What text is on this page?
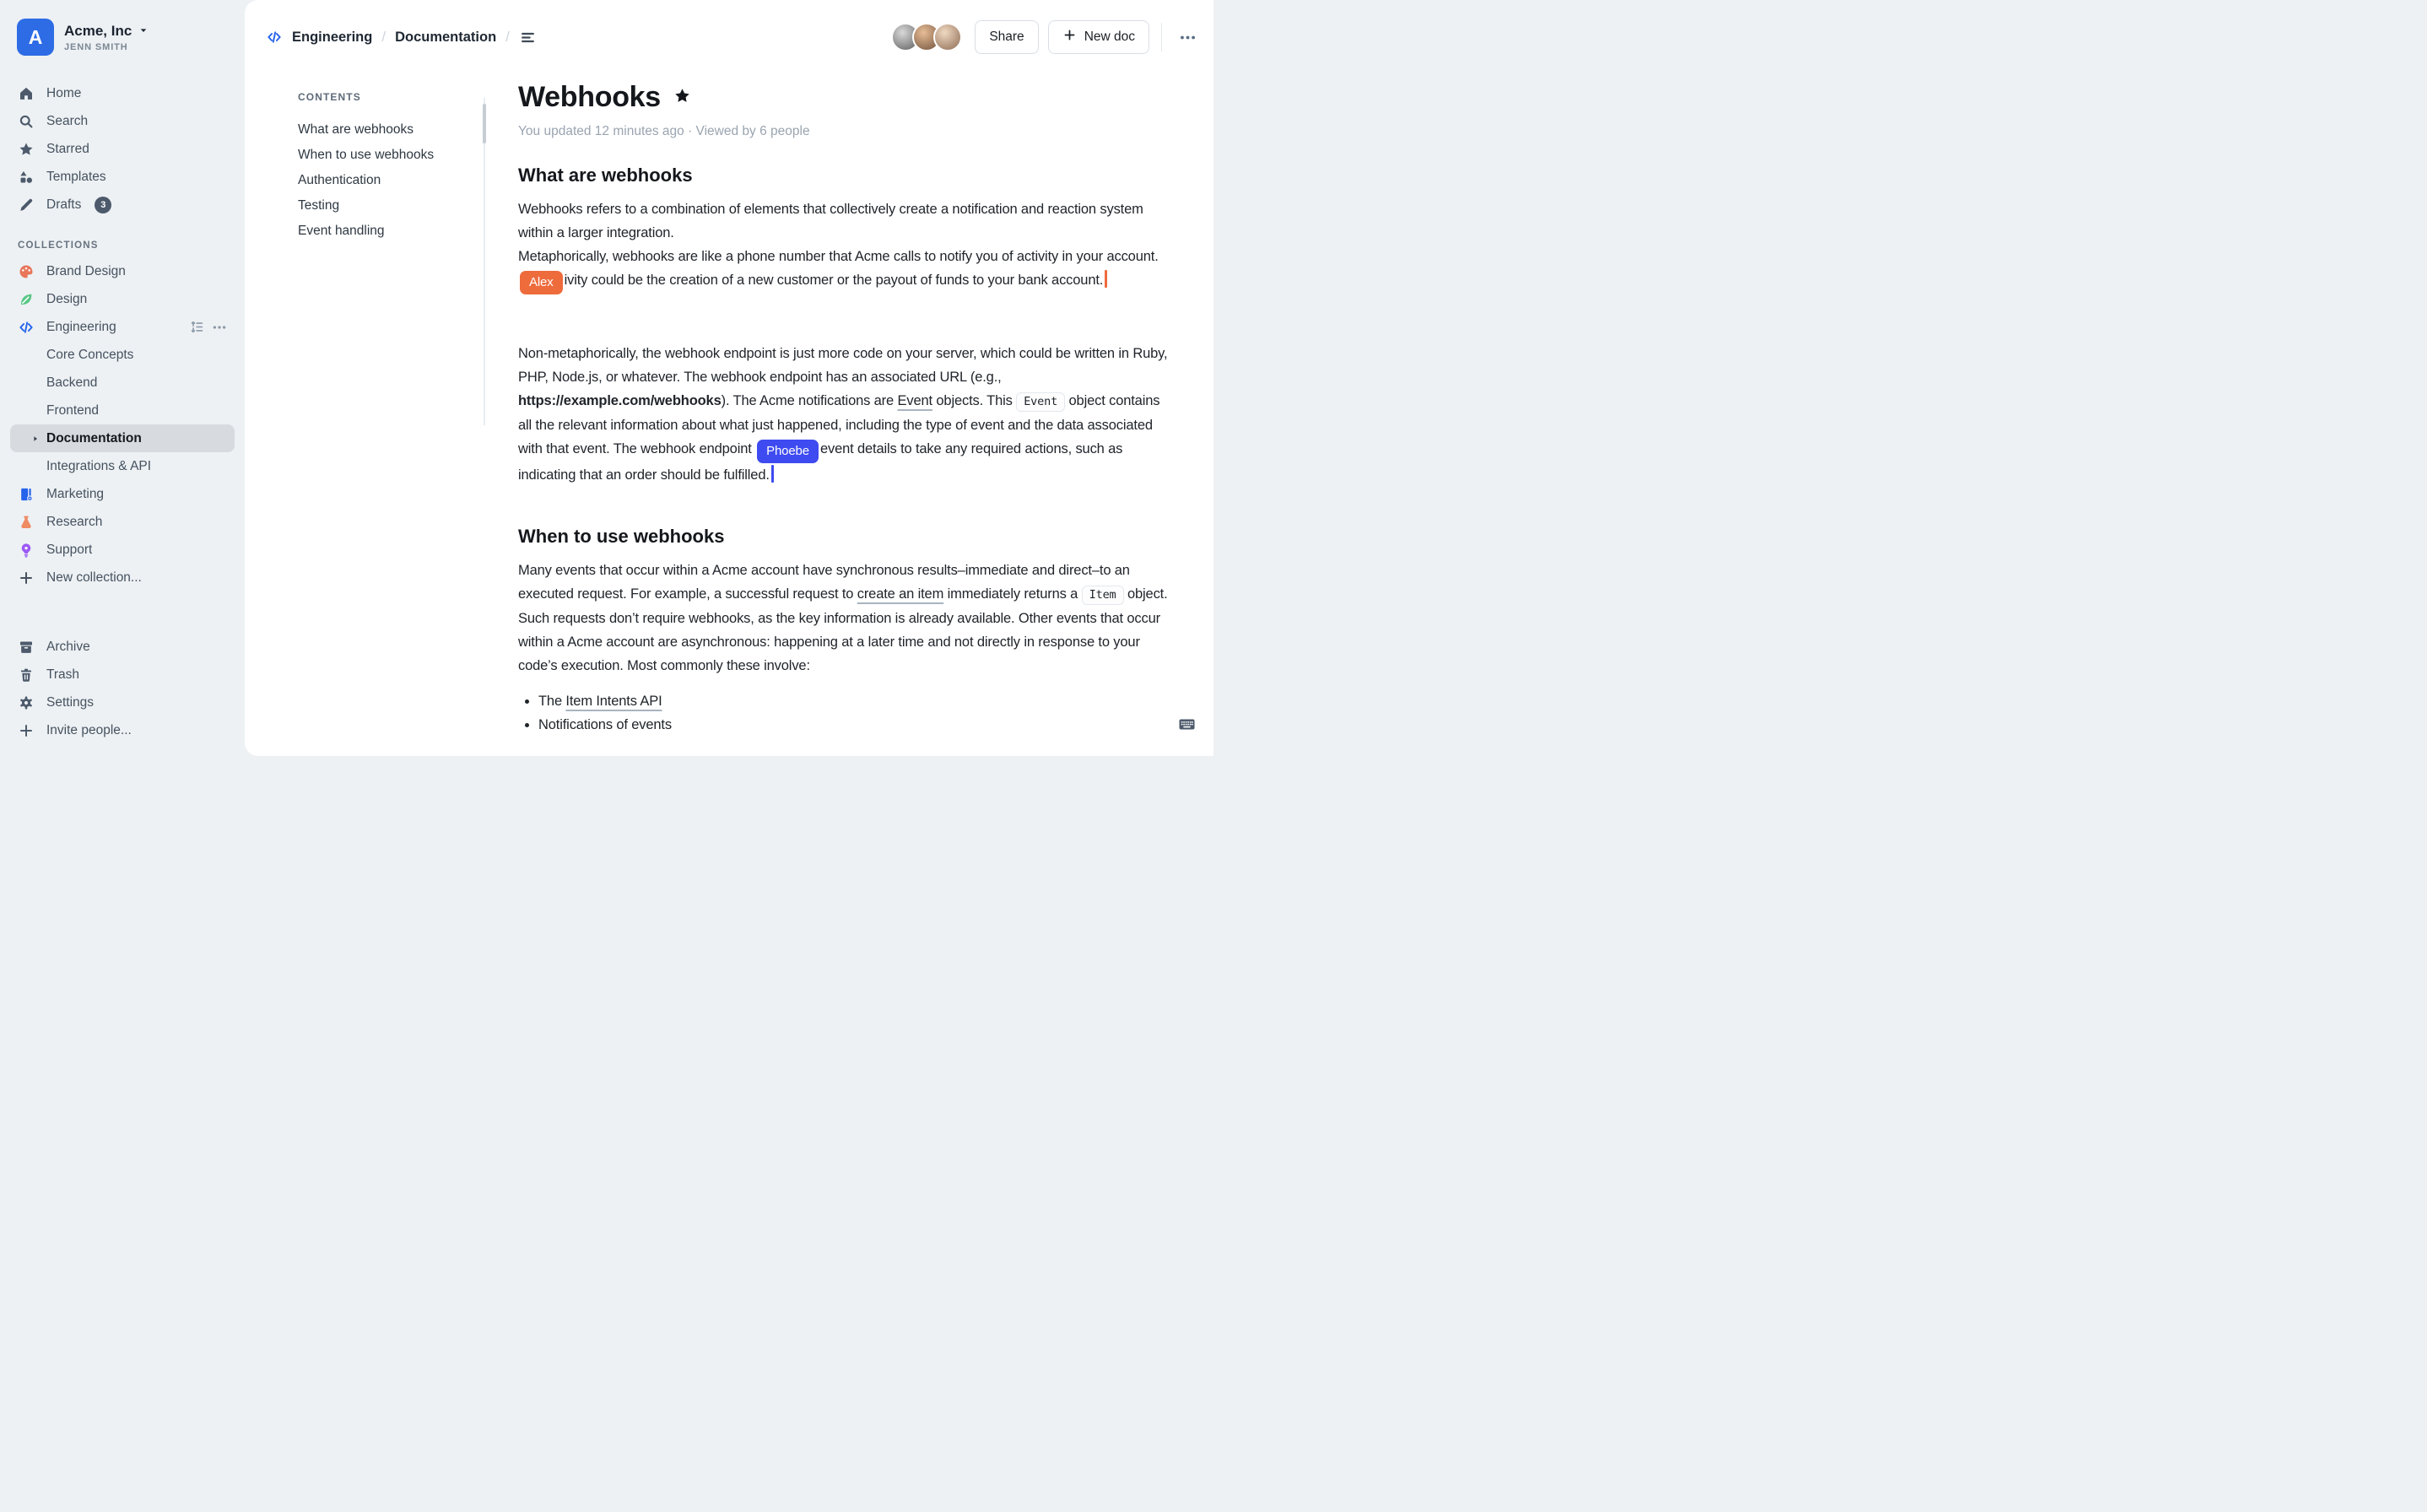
A	Acme, Inc
JENN SMITH
Home
Search
Starred
Templates
Drafts	3
COLLECTIONS
Brand Design
Design
Engineering
Core Concepts
Backend
Frontend
Documentation
Integrations & API
Marketing
Research
Support
New collection...
Archive
Trash
Settings
Invite people...
Engineering / Documentation /	Share	New doc
CONTENTS
What are webhooks
When to use webhooks
Authentication
Testing
Event handling
Webhooks
You updated 12 minutes ago · Viewed by 6 people
What are webhooks

Webhooks refers to a combination of elements that collectively create a notification and reaction system within a larger integration.
Metaphorically, webhooks are like a phone number that Acme calls to notify you of activity in your account. Alex ivity could be the creation of a new customer or the payout of funds to your bank account.

Non-metaphorically, the webhook endpoint is just more code on your server, which could be written in Ruby, PHP, Node.js, or whatever. The webhook endpoint has an associated URL (e.g., https://example.com/webhooks). The Acme notifications are Event objects. This Event object contains all the relevant information about what just happened, including the type of event and the data associated with that event. The webhook endpoint Phoebe event details to take any required actions, such as indicating that an order should be fulfilled.

When to use webhooks

Many events that occur within a Acme account have synchronous results–immediate and direct–to an executed request. For example, a successful request to create an item immediately returns a Item object. Such requests don’t require webhooks, as the key information is already available. Other events that occur within a Acme account are asynchronous: happening at a later time and not directly in response to your code’s execution. Most commonly these involve:

• The Item Intents API
• Notifications of events
